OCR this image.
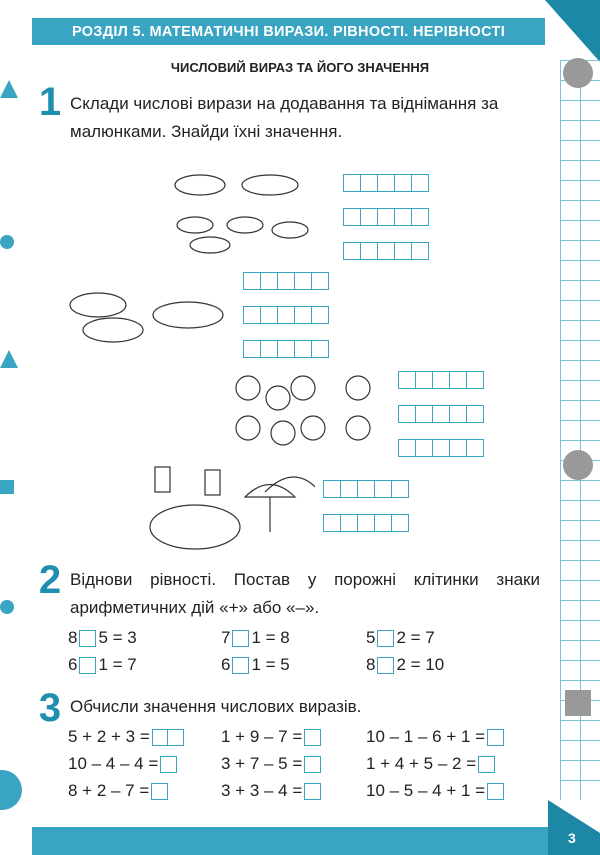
РОЗДІЛ 5. МАТЕМАТИЧНІ ВИРАЗИ. РІВНОСТІ. НЕРІВНОСТІ
ЧИСЛОВИЙ ВИРАЗ ТА ЙОГО ЗНАЧЕННЯ
1 Склади числові вирази на додавання та віднімання за малюнками. Знайди їхні значення.
2 Віднови рівності. Постав у порожні клітинки знаки арифметичних дій «+» або «–».
8 5 = 3	7 1 = 8	5 2 = 7
6 1 = 7	6 1 = 5	8 2 = 10
3 Обчисли значення числових виразів.
5 + 2 + 3 =	1 + 9 – 7 =	10 – 1 – 6 + 1 =
10 – 4 – 4 =	3 + 7 – 5 =	1 + 4 + 5 – 2 =
8 + 2 – 7 =	3 + 3 – 4 =	10 – 5 – 4 + 1 =
3
